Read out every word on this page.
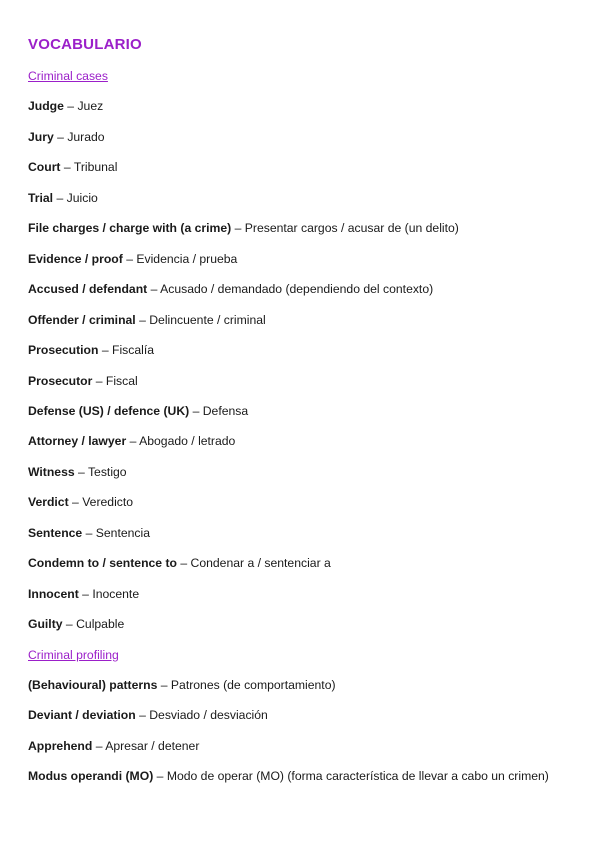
VOCABULARIO
Criminal cases
Judge – Juez
Jury – Jurado
Court – Tribunal
Trial – Juicio
File charges / charge with (a crime) – Presentar cargos / acusar de (un delito)
Evidence / proof – Evidencia / prueba
Accused / defendant – Acusado / demandado (dependiendo del contexto)
Offender / criminal – Delincuente / criminal
Prosecution – Fiscalía
Prosecutor – Fiscal
Defense (US) / defence (UK) – Defensa
Attorney / lawyer – Abogado / letrado
Witness – Testigo
Verdict – Veredicto
Sentence – Sentencia
Condemn to / sentence to – Condenar a / sentenciar a
Innocent – Inocente
Guilty – Culpable
Criminal profiling
(Behavioural) patterns – Patrones (de comportamiento)
Deviant / deviation – Desviado / desviación
Apprehend – Apresar / detener
Modus operandi (MO) – Modo de operar (MO) (forma característica de llevar a cabo un crimen)
